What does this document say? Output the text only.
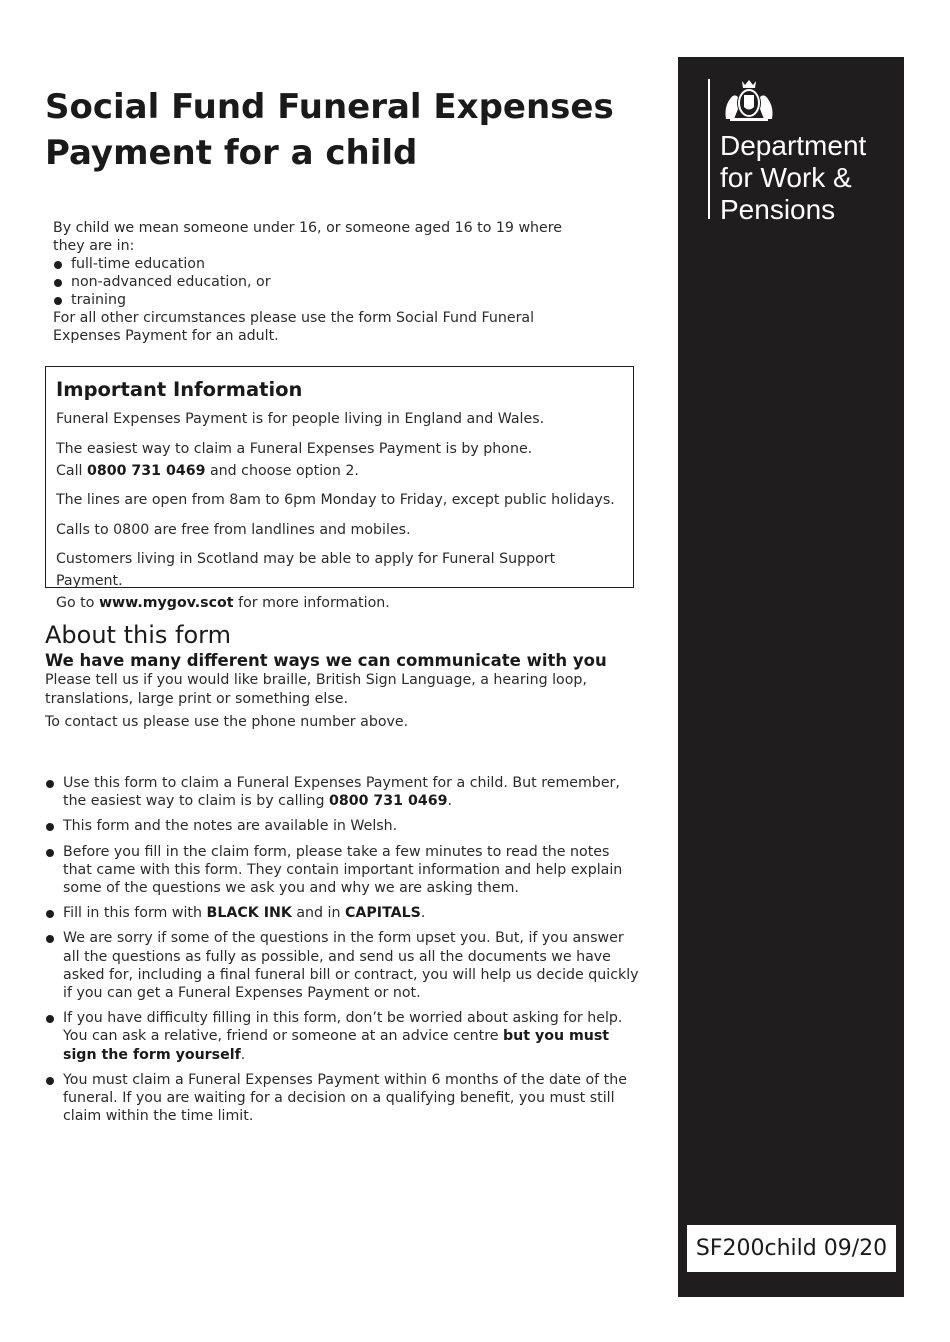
Social Fund Funeral Expenses
Payment for a child

By child we mean someone under 16, or someone aged 16 to 19 where they are in:

full-time education
non-advanced education, or
training

For all other circumstances please use the form Social Fund Funeral Expenses Payment for an adult.

Important Information

Funeral Expenses Payment is for people living in England and Wales.

The easiest way to claim a Funeral Expenses Payment is by phone.
Call 0800 731 0469 and choose option 2.

The lines are open from 8am to 6pm Monday to Friday, except public holidays.

Calls to 0800 are free from landlines and mobiles.

Customers living in Scotland may be able to apply for Funeral Support Payment.
Go to www.mygov.scot for more information.

About this form
We have many different ways we can communicate with you

Please tell us if you would like braille, British Sign Language, a hearing loop, translations, large print or something else.

To contact us please use the phone number above.

Use this form to claim a Funeral Expenses Payment for a child. But remember, the easiest way to claim is by calling 0800 731 0469.
This form and the notes are available in Welsh.
Before you fill in the claim form, please take a few minutes to read the notes that came with this form. They contain important information and help explain some of the questions we ask you and why we are asking them.
Fill in this form with BLACK INK and in CAPITALS.
We are sorry if some of the questions in the form upset you. But, if you answer all the questions as fully as possible, and send us all the documents we have asked for, including a final funeral bill or contract, you will help us decide quickly if you can get a Funeral Expenses Payment or not.
If you have difficulty filling in this form, don’t be worried about asking for help. You can ask a relative, friend or someone at an advice centre but you must sign the form yourself.
You must claim a Funeral Expenses Payment within 6 months of the date of the funeral. If you are waiting for a decision on a qualifying benefit, you must still claim within the time limit.
Department
for Work &
Pensions
SF200child 09/20
